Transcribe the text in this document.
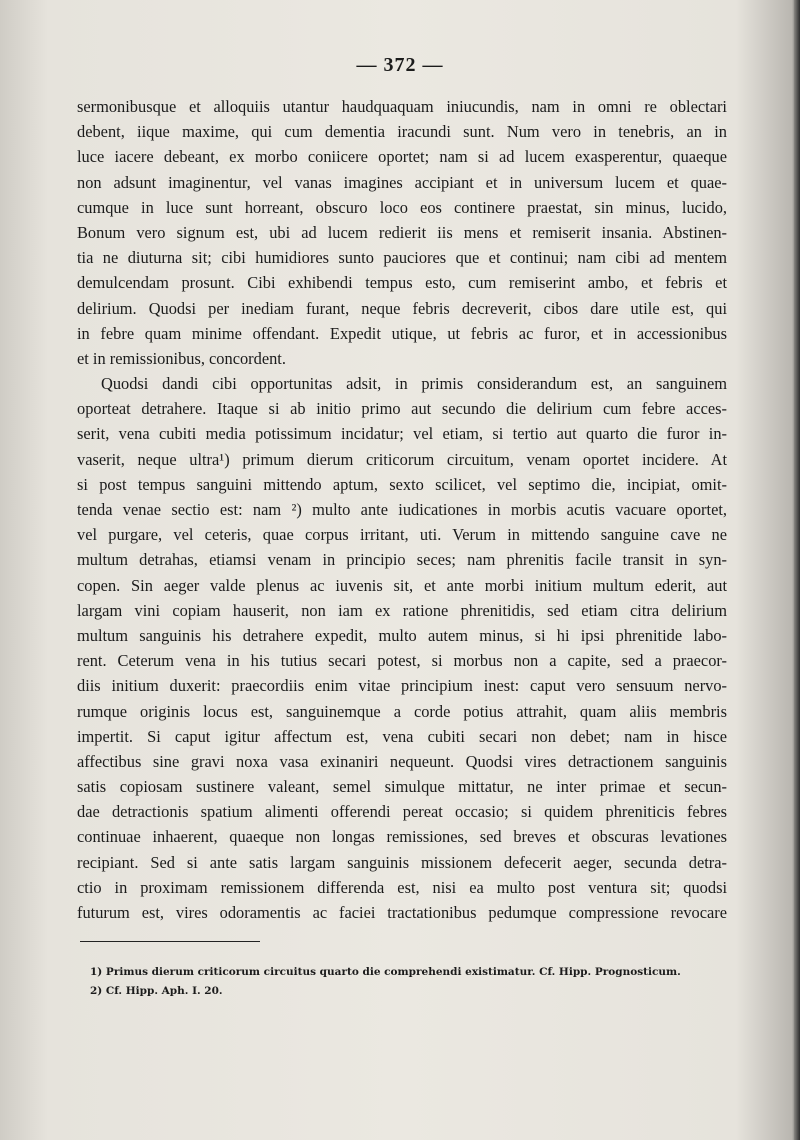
— 372 —
sermonibusque et alloquiis utantur haudquaquam iniucundis, nam in omni re oblectari
debent, iique maxime, qui cum dementia iracundi sunt. Num vero in tenebris, an in
luce iacere debeant, ex morbo coniicere oportet; nam si ad lucem exasperentur, quaeque
non adsunt imaginentur, vel vanas imagines accipiant et in universum lucem et quae-
cumque in luce sunt horreant, obscuro loco eos continere praestat, sin minus, lucido,
Bonum vero signum est, ubi ad lucem redierit iis mens et remiserit insania. Abstinen-
tia ne diuturna sit; cibi humidiores sunto pauciores que et continui; nam cibi ad mentem
demulcendam prosunt. Cibi exhibendi tempus esto, cum remiserint ambo, et febris et
delirium. Quodsi per inediam furant, neque febris decreverit, cibos dare utile est, qui
in febre quam minime offendant. Expedit utique, ut febris ac furor, et in accessionibus
et in remissionibus, concordent.
Quodsi dandi cibi opportunitas adsit, in primis considerandum est, an sanguinem
oporteat detrahere. Itaque si ab initio primo aut secundo die delirium cum febre acces-
serit, vena cubiti media potissimum incidatur; vel etiam, si tertio aut quarto die furor in-
vaserit, neque ultra¹) primum dierum criticorum circuitum, venam oportet incidere. At
si post tempus sanguini mittendo aptum, sexto scilicet, vel septimo die, incipiat, omit-
tenda venae sectio est: nam ²) multo ante iudicationes in morbis acutis vacuare oportet,
vel purgare, vel ceteris, quae corpus irritant, uti. Verum in mittendo sanguine cave ne
multum detrahas, etiamsi venam in principio seces; nam phrenitis facile transit in syn-
copen. Sin aeger valde plenus ac iuvenis sit, et ante morbi initium multum ederit, aut
largam vini copiam hauserit, non iam ex ratione phrenitidis, sed etiam citra delirium
multum sanguinis his detrahere expedit, multo autem minus, si hi ipsi phrenitide labo-
rent. Ceterum vena in his tutius secari potest, si morbus non a capite, sed a praecor-
diis initium duxerit: praecordiis enim vitae principium inest: caput vero sensuum nervo-
rumque originis locus est, sanguinemque a corde potius attrahit, quam aliis membris
impertit. Si caput igitur affectum est, vena cubiti secari non debet; nam in hisce
affectibus sine gravi noxa vasa exinaniri nequeunt. Quodsi vires detractionem sanguinis
satis copiosam sustinere valeant, semel simulque mittatur, ne inter primae et secun-
dae detractionis spatium alimenti offerendi pereat occasio; si quidem phreniticis febres
continuae inhaerent, quaeque non longas remissiones, sed breves et obscuras levationes
recipiant. Sed si ante satis largam sanguinis missionem defecerit aeger, secunda detra-
ctio in proximam remissionem differenda est, nisi ea multo post ventura sit; quodsi
futurum est, vires odoramentis ac faciei tractationibus pedumque compressione revocare
1) Primus dierum criticorum circuitus quarto die comprehendi existimatur. Cf. Hipp. Prognosticum.
2) Cf. Hipp. Aph. I. 20.
